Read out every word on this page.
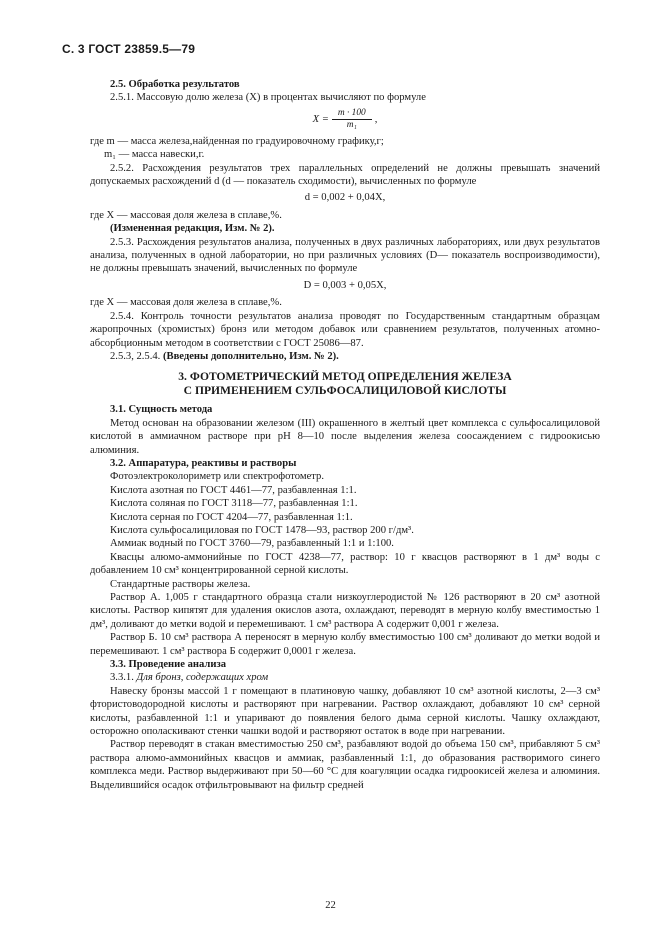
С. 3 ГОСТ 23859.5—79

2.5. Обработка результатов

2.5.1. Массовую долю железа (X) в процентах вычисляют по формуле

$X = \frac{m \cdot 100}{\text{m₁}}$ ,

где m — масса железа,найденная по градуировочному графику,г;

m₁ — масса навески,г.

2.5.2. Расхождения результатов трех параллельных определений не должны превышать значений допускаемых расхождений d (d — показатель сходимости), вычисленных по формуле

d = 0,002 + 0,04X,

где X — массовая доля железа в сплаве,%.

(Измененная редакция, Изм. № 2).

2.5.3. Расхождения результатов анализа, полученных в двух различных лабораториях, или двух результатов анализа, полученных в одной лаборатории, но при различных условиях (D— показатель воспроизводимости), не должны превышать значений, вычисленных по формуле

D = 0,003 + 0,05X,

где X — массовая доля железа в сплаве,%.

2.5.4. Контроль точности результатов анализа проводят по Государственным стандартным образцам жаропрочных (хромистых) бронз или методом добавок или сравнением результатов, полученных атомно-абсорбционным методом в соответствии с ГОСТ 25086—87.

2.5.3, 2.5.4. (Введены дополнительно, Изм. № 2).

3. ФОТОМЕТРИЧЕСКИЙ МЕТОД ОПРЕДЕЛЕНИЯ ЖЕЛЕЗА
С ПРИМЕНЕНИЕМ СУЛЬФОСАЛИЦИЛОВОЙ КИСЛОТЫ

3.1. Сущность метода

Метод основан на образовании железом (III) окрашенного в желтый цвет комплекса с сульфосалициловой кислотой в аммиачном растворе при pH 8—10 после выделения железа соосаждением с гидроокисью алюминия.

3.2. Аппаратура, реактивы и растворы

Фотоэлектроколориметр или спектрофотометр.

Кислота азотная по ГОСТ 4461—77, разбавленная 1:1.

Кислота соляная по ГОСТ 3118—77, разбавленная 1:1.

Кислота серная по ГОСТ 4204—77, разбавленная 1:1.

Кислота сульфосалициловая по ГОСТ 1478—93, раствор 200 г/дм³.

Аммиак водный по ГОСТ 3760—79, разбавленный 1:1 и 1:100.

Квасцы алюмо-аммонийные по ГОСТ 4238—77, раствор: 10 г квасцов растворяют в 1 дм³ воды с добавлением 10 см³ концентрированной серной кислоты.

Стандартные растворы железа.

Раствор А. 1,005 г стандартного образца стали низкоуглеродистой № 126 растворяют в 20 см³ азотной кислоты. Раствор кипятят для удаления окислов азота, охлаждают, переводят в мерную колбу вместимостью 1 дм³, доливают до метки водой и перемешивают. 1 см³ раствора А содержит 0,001 г железа.

Раствор Б. 10 см³ раствора А переносят в мерную колбу вместимостью 100 см³ доливают до метки водой и перемешивают. 1 см³ раствора Б содержит 0,0001 г железа.

3.3. Проведение анализа

3.3.1. Для бронз, содержащих хром

Навеску бронзы массой 1 г помещают в платиновую чашку, добавляют 10 см³ азотной кислоты, 2—3 см³ фтористоводородной кислоты и растворяют при нагревании. Раствор охлаждают, добавляют 10 см³ серной кислоты, разбавленной 1:1 и упаривают до появления белого дыма серной кислоты. Чашку охлаждают, осторожно ополаскивают стенки чашки водой и растворяют остаток в воде при нагревании.

Раствор переводят в стакан вместимостью 250 см³, разбавляют водой до объема 150 см³, прибавляют 5 см³ раствора алюмо-аммонийных квасцов и аммиак, разбавленный 1:1, до образования растворимого синего комплекса меди. Раствор выдерживают при 50—60 °С для коагуляции осадка гидроокисей железа и алюминия. Выделившийся осадок отфильтровывают на фильтр средней

22
